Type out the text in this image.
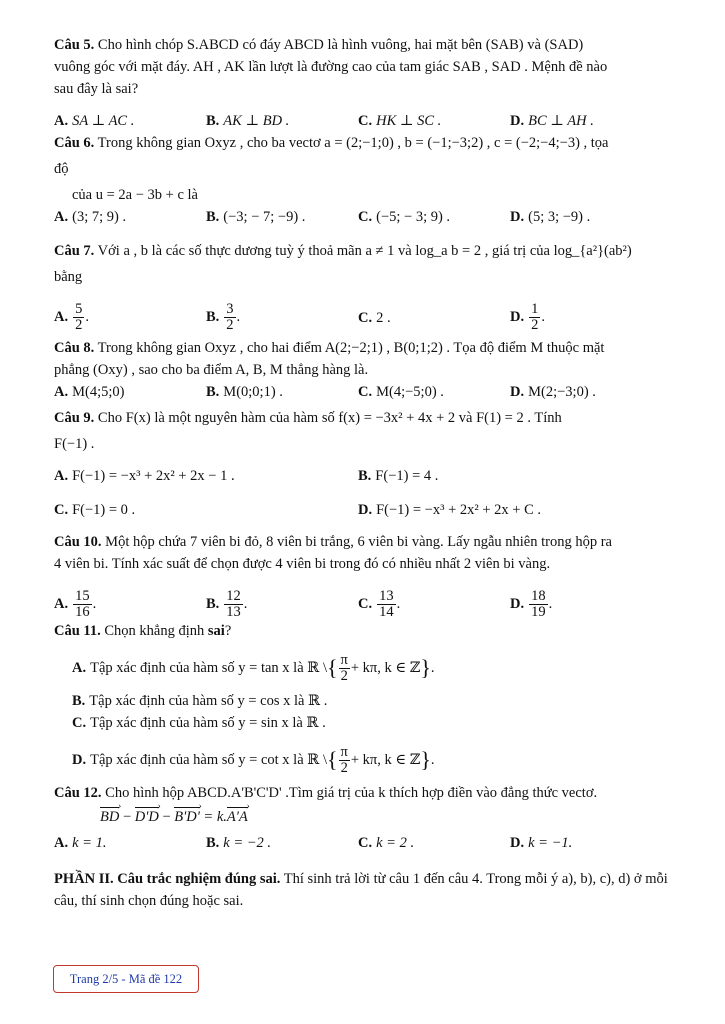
Câu 5. Cho hình chóp S.ABCD có đáy ABCD là hình vuông, hai mặt bên (SAB) và (SAD)

vuông góc với mặt đáy. AH , AK lần lượt là đường cao của tam giác SAB , SAD . Mệnh đề nào

sau đây là sai?

A. SA ⊥ AC .	B. AK ⊥ BD .	C. HK ⊥ SC .	D. BC ⊥ AH .

Câu 6. Trong không gian Oxyz , cho ba vectơ a = (2;−1;0) , b = (−1;−3;2) , c = (−2;−4;−3) , tọa

độ

của u = 2a − 3b + c là

A. (3; 7; 9) .	B. (−3; − 7; −9) .	C. (−5; − 3; 9) .	D. (5; 3; −9) .

Câu 7. Với a , b là các số thực dương tuỳ ý thoả mãn a ≠ 1 và log_a b = 2 , giá trị của log_{a²}(ab²)

bằng

A. $\frac{5}{2}$ .	B. $\frac{3}{2}$ .	C. 2 .	D. $\frac{1}{2}$ .

Câu 8. Trong không gian Oxyz , cho hai điểm A(2;−2;1) , B(0;1;2) . Tọa độ điểm M thuộc mặt

phẳng (Oxy) , sao cho ba điểm A, B, M thẳng hàng là.

A. M(4;5;0)	B. M(0;0;1) .	C. M(4;−5;0) .	D. M(2;−3;0) .

Câu 9. Cho F(x) là một nguyên hàm của hàm số f(x) = −3x² + 4x + 2 và F(1) = 2 . Tính

F(−1) .

A. F(−1) = −x³ + 2x² + 2x − 1 .	B. F(−1) = 4 .
C. F(−1) = 0 .	D. F(−1) = −x³ + 2x² + 2x + C .

Câu 10. Một hộp chứa 7 viên bi đỏ, 8 viên bi trắng, 6 viên bi vàng. Lấy ngẫu nhiên trong hộp ra

4 viên bi. Tính xác suất để chọn được 4 viên bi trong đó có nhiều nhất 2 viên bi vàng.

A. $\frac{15}{16}$ .	B. $\frac{12}{13}$ .	C. $\frac{13}{14}$ .	D. $\frac{18}{19}$ .

Câu 11. Chọn khẳng định sai?

A. Tập xác định của hàm số y = tan x là ℝ \ { $\frac{\pi}{2} + k\pi$, k ∈ ℤ } .
B. Tập xác định của hàm số y = cos x là ℝ .
C. Tập xác định của hàm số y = sin x là ℝ .
D. Tập xác định của hàm số y = cot x là ℝ \ { $\frac{\pi}{2} + k\pi$, k ∈ ℤ } .

Câu 12. Cho hình hộp ABCD.A'B'C'D' .Tìm giá trị của k thích hợp điền vào đẳng thức vectơ.

BD › − D'D › − B'D' › = k.A'A ›

A. k = 1.	B. k = −2 .	C. k = 2 .	D. k = −1.

PHẦN II. Câu trắc nghiệm đúng sai. Thí sinh trả lời từ câu 1 đến câu 4. Trong mỗi ý a), b), c), d) ở mỗi câu, thí sinh chọn đúng hoặc sai.

Trang 2/5 - Mã đề 122
